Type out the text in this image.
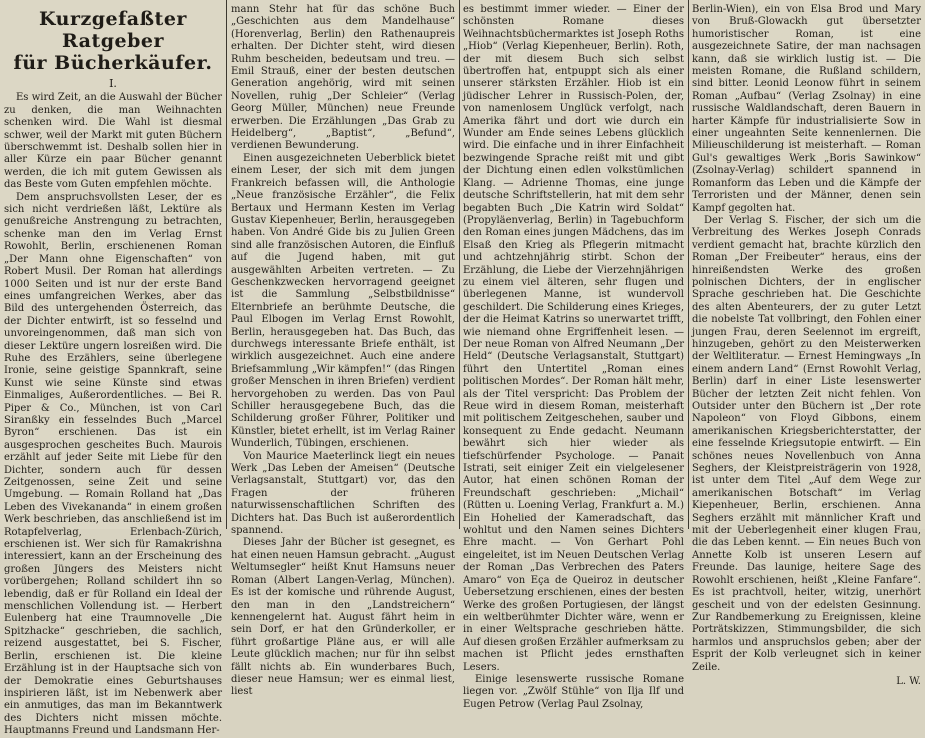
Kurzgefaßter Ratgeber
für Bücherkäufer.
I.

Es wird Zeit, an die Auswahl der Bücher zu denken, die man Weihnachten schenken wird. Die Wahl ist diesmal schwer, weil der Markt mit guten Büchern überschwemmt ist. Deshalb sollen hier in aller Kürze ein paar Bücher genannt werden, die ich mit gutem Gewissen als das Beste vom Guten empfehlen möchte.

Dem anspruchsvollsten Leser, der es sich nicht verdrießen läßt, Lektüre als genußreiche Anstrengung zu betrachten, schenke man den im Verlag Ernst Rowohlt, Berlin, erschienenen Roman „Der Mann ohne Eigenschaften“ von Robert Musil. Der Roman hat allerdings 1000 Seiten und ist nur der erste Band eines umfangreichen Werkes, aber das Bild des untergehenden Österreich, das der Dichter entwirft, ist so fesselnd und unvoreingenommen, daß man sich von dieser Lektüre ungern losreißen wird. Die Ruhe des Erzählers, seine überlegene Ironie, seine geistige Spannkraft, seine Kunst wie seine Künste sind etwas Einmaliges, Außerordentliches. — Bei R. Piper & Co., München, ist von Carl Siranßky ein fesselndes Buch „Marcel Byron“ erschienen. Das ist ein ausgesprochen gescheites Buch. Maurois erzählt auf jeder Seite mit Liebe für den Dichter, sondern auch für dessen Zeitgenossen, seine Zeit und seine Umgebung. — Romain Rolland hat „Das Leben des Vivekananda“ in einem großen Werk beschrieben, das anschließend ist im Rotapfelverlag, Erlenbach-Zürich, erschienen ist. Wer sich für Ramakrishna interessiert, kann an der Erscheinung des großen Jüngers des Meisters nicht vorübergehen; Rolland schildert ihn so lebendig, daß er für Rolland ein Ideal der menschlichen Vollendung ist. — Herbert Eulenberg hat eine Traumnovelle „Die Spitzhacke“ geschrieben, die sachlich, reizend ausgestattet, bei S. Fischer, Berlin, erschienen ist. Die kleine Erzählung ist in der Hauptsache sich von der Demokratie eines Geburtshauses inspirieren läßt, ist im Nebenwerk aber ein anmutiges, das man im Bekanntwerk des Dichters nicht missen möchte. Hauptmanns Freund und Landsmann Her-

mann Stehr hat für das schöne Buch „Geschichten aus dem Mandelhause“ (Horenverlag, Berlin) den Rathenaupreis erhalten. Der Dichter steht, wird diesen Ruhm bescheiden, bedeutsam und treu. — Emil Strauß, einer der besten deutschen Generation angehörig, wird mit seinen Novellen, ruhig „Der Schleier“ (Verlag Georg Müller, München) neue Freunde erwerben. Die Erzählungen „Das Grab zu Heidelberg“, „Baptist“, „Befund“, verdienen Bewunderung.

Einen ausgezeichneten Ueberblick bietet einem Leser, der sich mit dem jungen Frankreich befassen will, die Anthologie „Neue französische Erzähler“, die Felix Bertaux und Hermann Kesten im Verlag Gustav Kiepenheuer, Berlin, herausgegeben haben. Von André Gide bis zu Julien Green sind alle französischen Autoren, die Einfluß auf die Jugend haben, mit gut ausgewählten Arbeiten vertreten. — Zu Geschenkzwecken hervorragend geeignet ist die Sammlung „Selbstbildnisse“ Elternbriefe an berühmte Deutsche, die Paul Elbogen im Verlag Ernst Rowohlt, Berlin, herausgegeben hat. Das Buch, das durchwegs interessante Briefe enthält, ist wirklich ausgezeichnet. Auch eine andere Briefsammlung „Wir kämpfen!“ (das Ringen großer Menschen in ihren Briefen) verdient hervorgehoben zu werden. Das von Paul Schiller herausgegebene Buch, das die Schilderung großer Führer, Politiker und Künstler, bietet erhellt, ist im Verlag Rainer Wunderlich, Tübingen, erschienen.

Von Maurice Maeterlinck liegt ein neues Werk „Das Leben der Ameisen“ (Deutsche Verlagsanstalt, Stuttgart) vor, das den Fragen der früheren naturwissenschaftlichen Schriften des Dichters hat. Das Buch ist außerordentlich spannend.

Dieses Jahr der Bücher ist gesegnet, es hat einen neuen Hamsun gebracht. „August Weltumsegler“ heißt Knut Hamsuns neuer Roman (Albert Langen-Verlag, München). Es ist der komische und rührende August, den man in den „Landstreichern“ kennengelernt hat. August fährt heim in sein Dorf, er hat den Gründerkoller, er führt großartige Pläne aus, er will alle Leute glücklich machen; nur für ihn selbst fällt nichts ab. Ein wunderbares Buch, dieser neue Hamsun; wer es einmal liest, liest

es bestimmt immer wieder. — Einer der schönsten Romane dieses Weihnachtsbüchermarktes ist Joseph Roths „Hiob“ (Verlag Kiepenheuer, Berlin). Roth, der mit diesem Buch sich selbst übertroffen hat, entpuppt sich als einer unserer stärksten Erzähler. Hiob ist ein jüdischer Lehrer in Russisch-Polen, der, von namenlosem Unglück verfolgt, nach Amerika fährt und dort wie durch ein Wunder am Ende seines Lebens glücklich wird. Die einfache und in ihrer Einfachheit bezwingende Sprache reißt mit und gibt der Dichtung einen edlen volkstümlichen Klang. — Adrienne Thomas, eine junge deutsche Schriftstellerin, hat mit dem sehr begabten Buch „Die Katrin wird Soldat“ (Propyläenverlag, Berlin) in Tagebuchform den Roman eines jungen Mädchens, das im Elsaß den Krieg als Pflegerin mitmacht und achtzehnjährig stirbt. Schon der Erzählung, die Liebe der Vierzehnjährigen zu einem viel älteren, sehr flugen und überlegenen Manne, ist wundervoll geschildert. Die Schilderung eines Krieges, der die Heimat Katrins so unerwartet trifft, wie niemand ohne Ergriffenheit lesen. — Der neue Roman von Alfred Neumann „Der Held“ (Deutsche Verlagsanstalt, Stuttgart) führt den Untertitel „Roman eines politischen Mordes“. Der Roman hält mehr, als der Titel verspricht: Das Problem der Reue wird in diesem Roman, meisterhaft mit politischem Zeitgeschehen, sauber und konsequent zu Ende gedacht. Neumann bewährt sich hier wieder als tiefschürfender Psychologe. — Panait Istrati, seit einiger Zeit ein vielgelesener Autor, hat einen schönen Roman der Freundschaft geschrieben: „Michail“ (Rütten u. Loening Verlag, Frankfurt a. M.) Ein Hohelied der Kameradschaft, das wohltut und den Namen seines Dichters Ehre macht. — Von Gerhart Pohl eingeleitet, ist im Neuen Deutschen Verlag der Roman „Das Verbrechen des Paters Amaro“ von Eça de Queiroz in deutscher Uebersetzung erschienen, eines der besten Werke des großen Portugiesen, der längst ein weltberühmter Dichter wäre, wenn er in einer Weltsprache geschrieben hätte. Auf diesen großen Erzähler aufmerksam zu machen ist Pflicht jedes ernsthaften Lesers.

Einige lesenswerte russische Romane liegen vor. „Zwölf Stühle“ von Ilja Ilf und Eugen Petrow (Verlag Paul Zsolnay,

Berlin-Wien), ein von Elsa Brod und Mary von Bruß-Glowackh gut übersetzter humoristischer Roman, ist eine ausgezeichnete Satire, der man nachsagen kann, daß sie wirklich lustig ist. — Die meisten Romane, die Rußland schildern, sind bitter. Leonid Leonow führt in seinem Roman „Aufbau“ (Verlag Zsolnay) in eine russische Waldlandschaft, deren Bauern in harter Kämpfe für industrialisierte Sow in einer ungeahnten Seite kennenlernen. Die Milieuschilderung ist meisterhaft. — Roman Gul's gewaltiges Werk „Boris Sawinkow“ (Zsolnay-Verlag) schildert spannend in Romanform das Leben und die Kämpfe der Terroristen und der Männer, denen sein Kampf gegolten hat.

Der Verlag S. Fischer, der sich um die Verbreitung des Werkes Joseph Conrads verdient gemacht hat, brachte kürzlich den Roman „Der Freibeuter“ heraus, eins der hinreißendsten Werke des großen polnischen Dichters, der in englischer Sprache geschrieben hat. Die Geschichte des alten Abenteurers, der zu guter Letzt die nobelste Tat vollbringt, den Fohlen einer jungen Frau, deren Seelennot im ergreift, hinzugeben, gehört zu den Meisterwerken der Weltliteratur. — Ernest Hemingways „In einem andern Land“ (Ernst Rowohlt Verlag, Berlin) darf in einer Liste lesenswerter Bücher der letzten Zeit nicht fehlen. Von Outsider unter den Büchern ist „Der rote Napoleon“ von Floyd Gibbons, einem amerikanischen Kriegsberichterstatter, der eine fesselnde Kriegsutopie entwirft. — Ein schönes neues Novellenbuch von Anna Seghers, der Kleistpreisträgerin von 1928, ist unter dem Titel „Auf dem Wege zur amerikanischen Botschaft“ im Verlag Kiepenheuer, Berlin, erschienen. Anna Seghers erzählt mit männlicher Kraft und mit der Ueberlegenheit einer klugen Frau, die das Leben kennt. — Ein neues Buch von Annette Kolb ist unseren Lesern auf Freunde. Das launige, heitere Sage des Rowohlt erschienen, heißt „Kleine Fanfare“. Es ist prachtvoll, heiter, witzig, unerhört gescheit und von der edelsten Gesinnung. Zur Randbemerkung zu Ereignissen, kleine Porträtskizzen, Stimmungsbilder, die sich harmlos und anspruchslos geben; aber der Esprit der Kolb verleugnet sich in keiner Zeile.

L. W.
